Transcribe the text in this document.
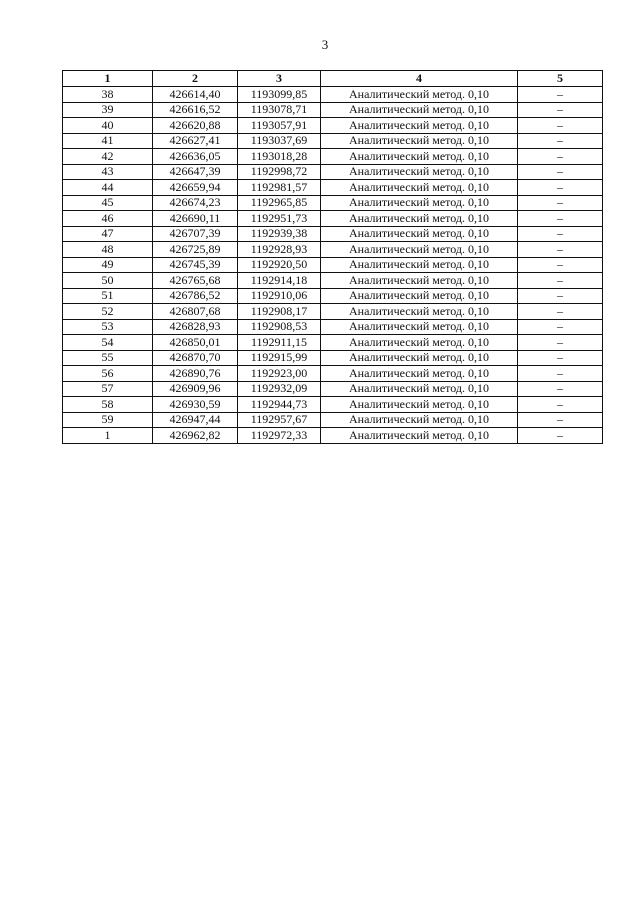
3
1	2	3	4	5
38	426614,40	1193099,85	Аналитический метод. 0,10	–
39	426616,52	1193078,71	Аналитический метод. 0,10	–
40	426620,88	1193057,91	Аналитический метод. 0,10	–
41	426627,41	1193037,69	Аналитический метод. 0,10	–
42	426636,05	1193018,28	Аналитический метод. 0,10	–
43	426647,39	1192998,72	Аналитический метод. 0,10	–
44	426659,94	1192981,57	Аналитический метод. 0,10	–
45	426674,23	1192965,85	Аналитический метод. 0,10	–
46	426690,11	1192951,73	Аналитический метод. 0,10	–
47	426707,39	1192939,38	Аналитический метод. 0,10	–
48	426725,89	1192928,93	Аналитический метод. 0,10	–
49	426745,39	1192920,50	Аналитический метод. 0,10	–
50	426765,68	1192914,18	Аналитический метод. 0,10	–
51	426786,52	1192910,06	Аналитический метод. 0,10	–
52	426807,68	1192908,17	Аналитический метод. 0,10	–
53	426828,93	1192908,53	Аналитический метод. 0,10	–
54	426850,01	1192911,15	Аналитический метод. 0,10	–
55	426870,70	1192915,99	Аналитический метод. 0,10	–
56	426890,76	1192923,00	Аналитический метод. 0,10	–
57	426909,96	1192932,09	Аналитический метод. 0,10	–
58	426930,59	1192944,73	Аналитический метод. 0,10	–
59	426947,44	1192957,67	Аналитический метод. 0,10	–
1	426962,82	1192972,33	Аналитический метод. 0,10	–
